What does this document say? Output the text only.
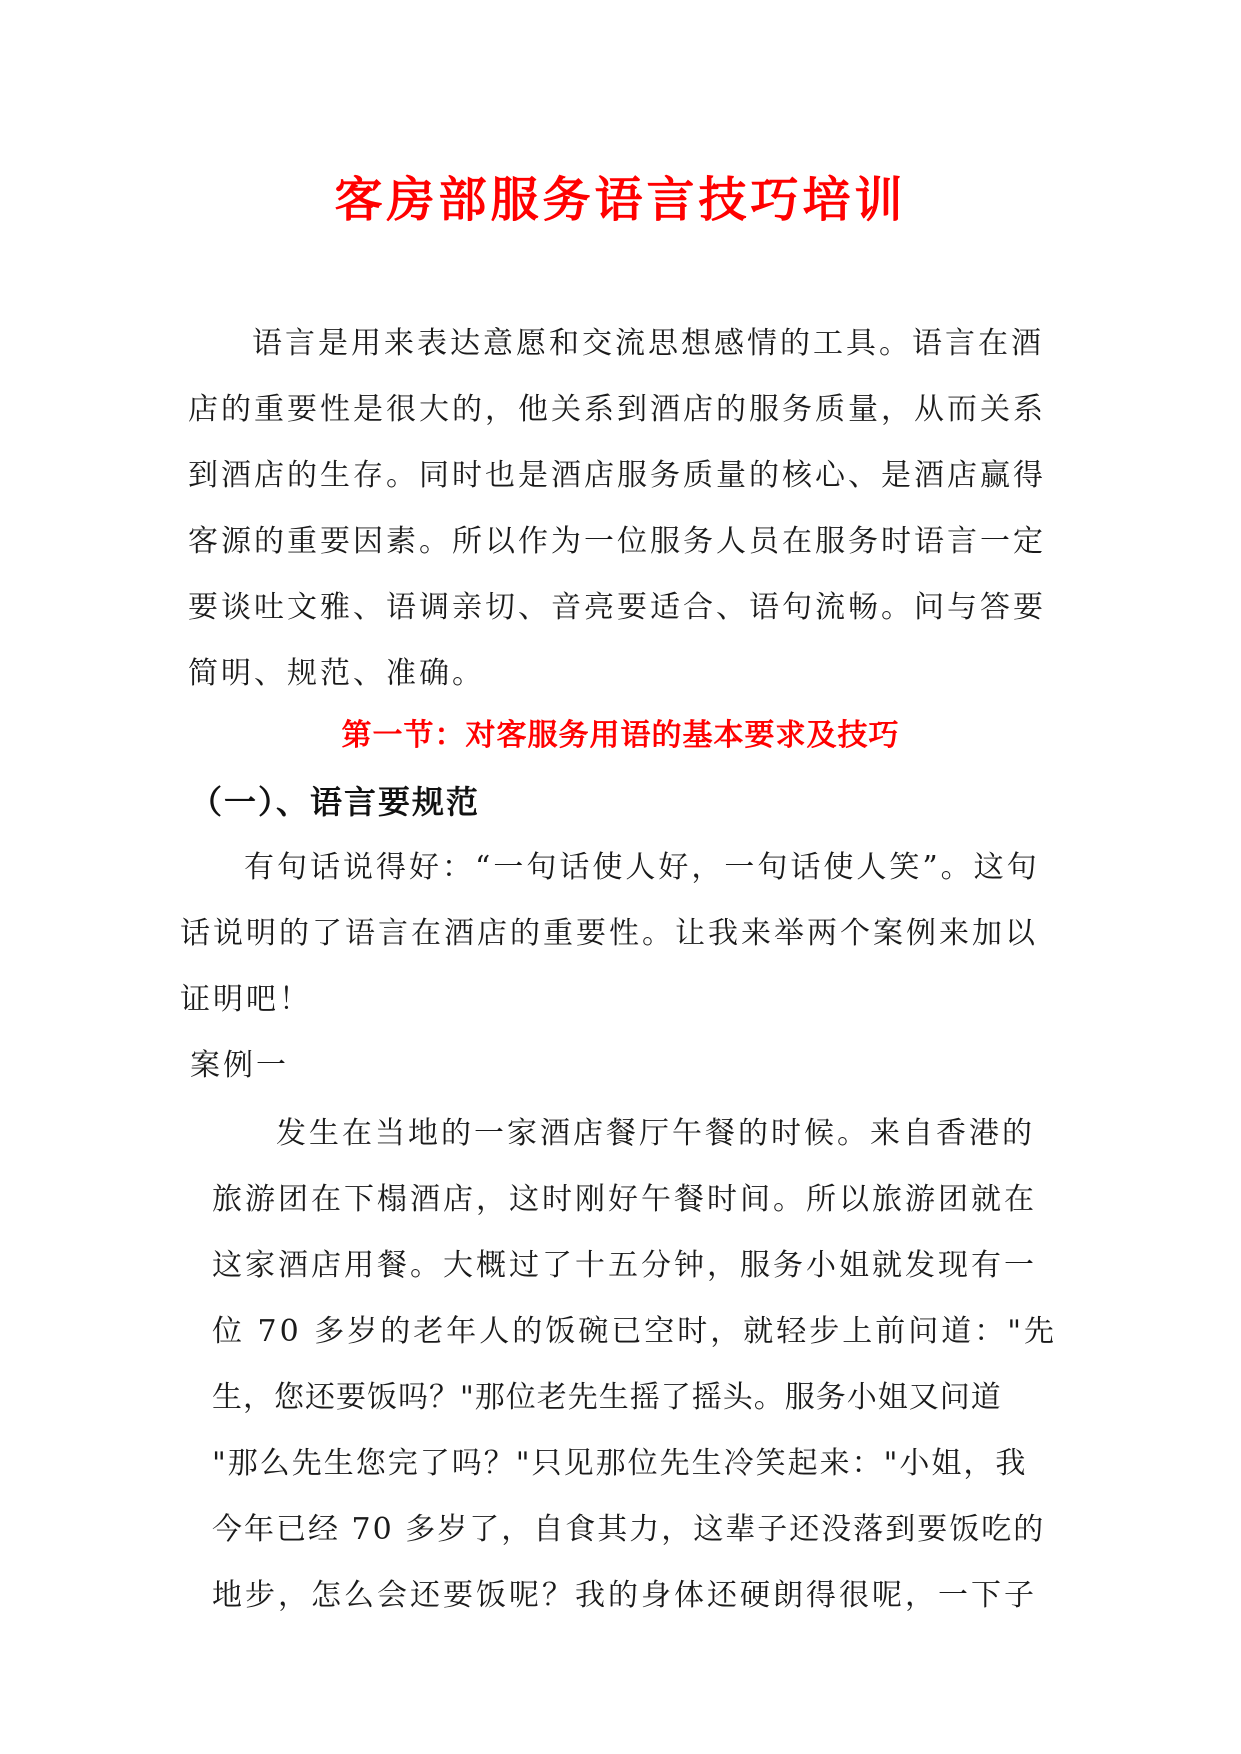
客房部服务语言技巧培训
语言是用来表达意愿和交流思想感情的工具。语言在酒
店的重要性是很大的，他关系到酒店的服务质量，从而关系
到酒店的生存。同时也是酒店服务质量的核心、是酒店赢得
客源的重要因素。所以作为一位服务人员在服务时语言一定
要谈吐文雅、语调亲切、音亮要适合、语句流畅。问与答要
简明、规范、准确。
第一节：对客服务用语的基本要求及技巧
（一）、语言要规范
有句话说得好：“一句话使人好，一句话使人笑”。这句
话说明的了语言在酒店的重要性。让我来举两个案例来加以
证明吧！
案例一
发生在当地的一家酒店餐厅午餐的时候。来自香港的
旅游团在下榻酒店，这时刚好午餐时间。所以旅游团就在
这家酒店用餐。大概过了十五分钟，服务小姐就发现有一
位 70 多岁的老年人的饭碗已空时，就轻步上前问道："先
生，您还要饭吗？"那位老先生摇了摇头。服务小姐又问道
"那么先生您完了吗？"只见那位先生冷笑起来："小姐，我
今年已经 70 多岁了，自食其力，这辈子还没落到要饭吃的
地步，怎么会还要饭呢？我的身体还硬朗得很呢，一下子
